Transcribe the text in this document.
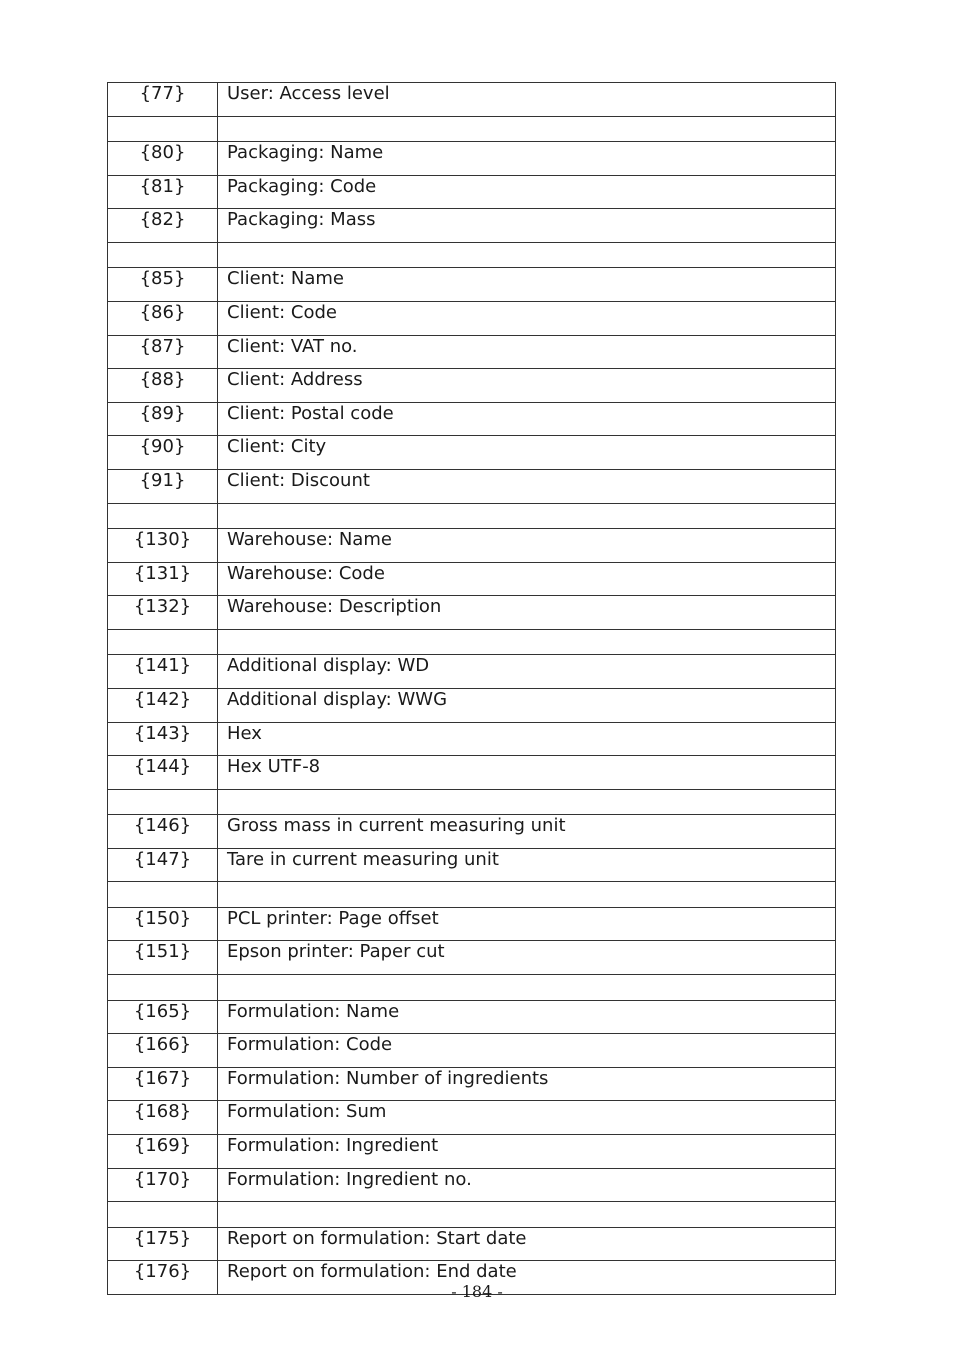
{77}	User: Access level

{80}	Packaging: Name
{81}	Packaging: Code
{82}	Packaging: Mass

{85}	Client: Name
{86}	Client: Code
{87}	Client: VAT no.
{88}	Client: Address
{89}	Client: Postal code
{90}	Client: City
{91}	Client: Discount

{130}	Warehouse: Name
{131}	Warehouse: Code
{132}	Warehouse: Description

{141}	Additional display: WD
{142}	Additional display: WWG
{143}	Hex
{144}	Hex UTF-8

{146}	Gross mass in current measuring unit
{147}	Tare in current measuring unit

{150}	PCL printer: Page offset
{151}	Epson printer: Paper cut

{165}	Formulation: Name
{166}	Formulation: Code
{167}	Formulation: Number of ingredients
{168}	Formulation: Sum
{169}	Formulation: Ingredient
{170}	Formulation: Ingredient no.

{175}	Report on formulation: Start date
{176}	Report on formulation: End date
- 184 -
